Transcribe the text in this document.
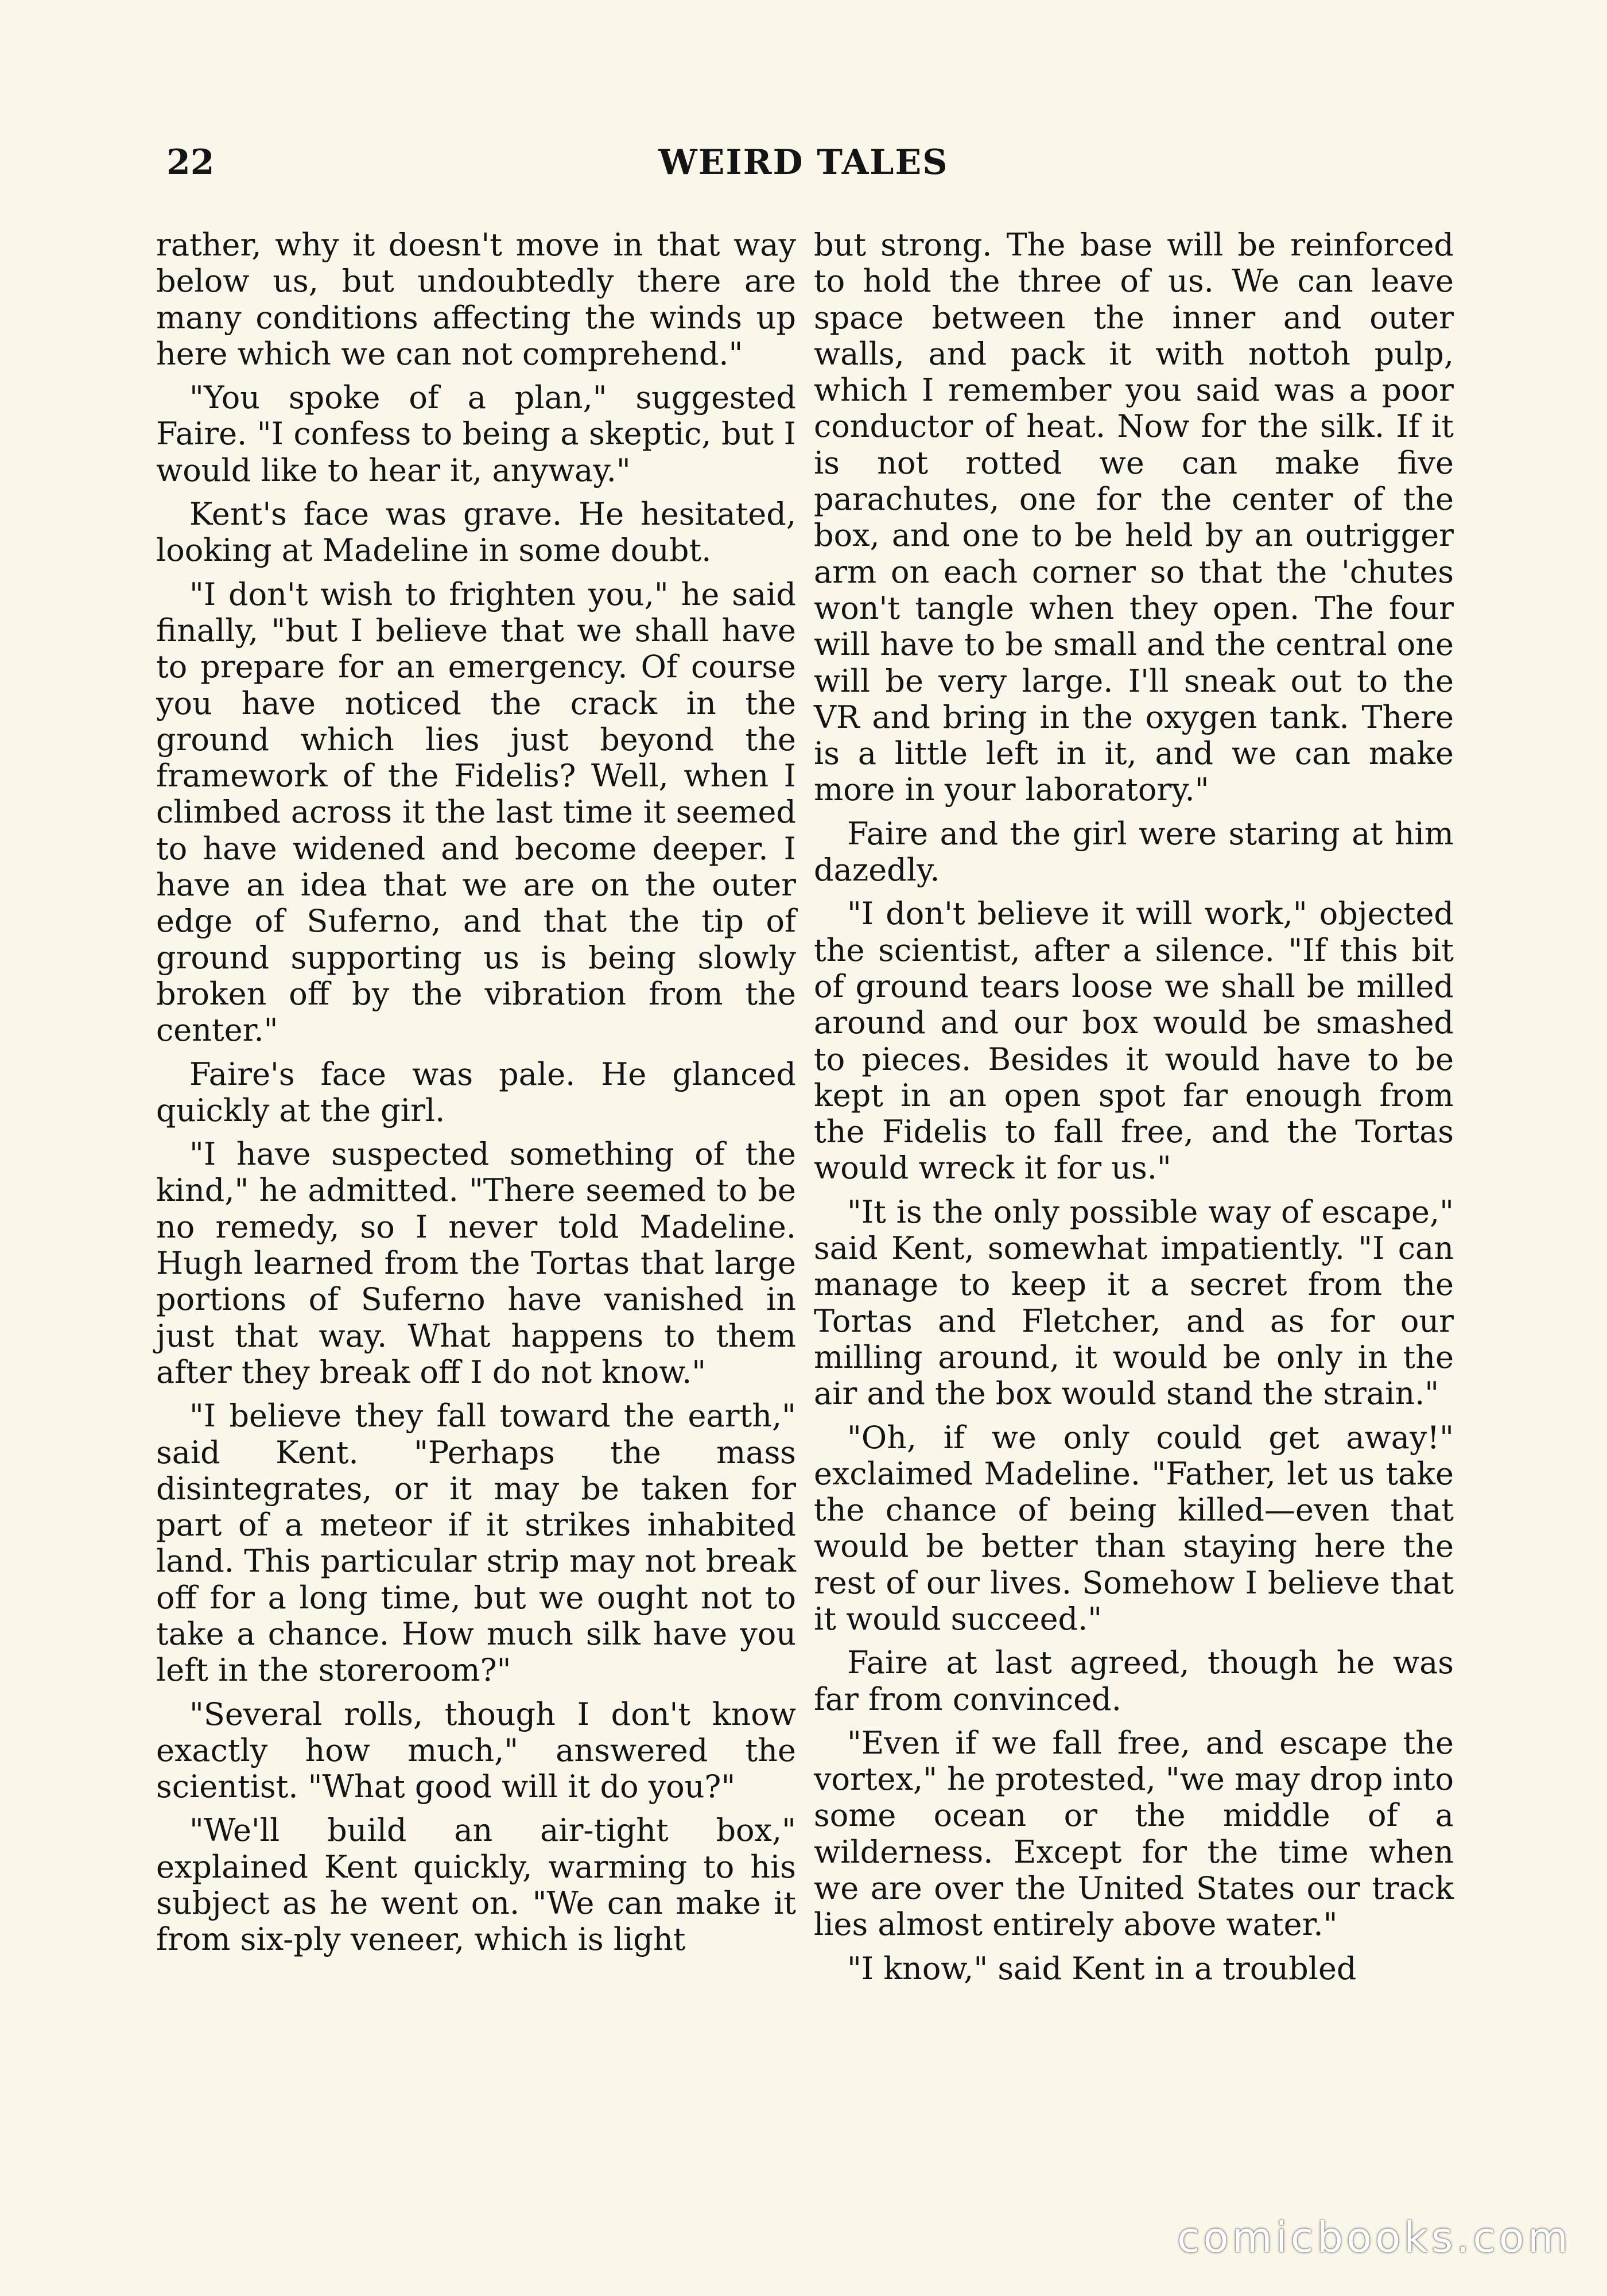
22	WEIRD TALES

rather, why it doesn't move in that way below us, but undoubtedly there are many conditions affecting the winds up here which we can not comprehend."

"You spoke of a plan," suggested Faire. "I confess to being a skeptic, but I would like to hear it, anyway."

Kent's face was grave. He hesitated, looking at Madeline in some doubt.

"I don't wish to frighten you," he said finally, "but I believe that we shall have to prepare for an emergency. Of course you have noticed the crack in the ground which lies just beyond the framework of the Fidelis? Well, when I climbed across it the last time it seemed to have widened and become deeper. I have an idea that we are on the outer edge of Suferno, and that the tip of ground supporting us is being slowly broken off by the vibration from the center."

Faire's face was pale. He glanced quickly at the girl.

"I have suspected something of the kind," he admitted. "There seemed to be no remedy, so I never told Madeline. Hugh learned from the Tortas that large portions of Suferno have vanished in just that way. What happens to them after they break off I do not know."

"I believe they fall toward the earth," said Kent. "Perhaps the mass disintegrates, or it may be taken for part of a meteor if it strikes inhabited land. This particular strip may not break off for a long time, but we ought not to take a chance. How much silk have you left in the storeroom?"

"Several rolls, though I don't know exactly how much," answered the scientist. "What good will it do you?"

"We'll build an air-tight box," explained Kent quickly, warming to his subject as he went on. "We can make it from six-ply veneer, which is light

but strong. The base will be reinforced to hold the three of us. We can leave space between the inner and outer walls, and pack it with nottoh pulp, which I remember you said was a poor conductor of heat. Now for the silk. If it is not rotted we can make five parachutes, one for the center of the box, and one to be held by an outrigger arm on each corner so that the 'chutes won't tangle when they open. The four will have to be small and the central one will be very large. I'll sneak out to the VR and bring in the oxygen tank. There is a little left in it, and we can make more in your laboratory."

Faire and the girl were staring at him dazedly.

"I don't believe it will work," objected the scientist, after a silence. "If this bit of ground tears loose we shall be milled around and our box would be smashed to pieces. Besides it would have to be kept in an open spot far enough from the Fidelis to fall free, and the Tortas would wreck it for us."

"It is the only possible way of escape," said Kent, somewhat impatiently. "I can manage to keep it a secret from the Tortas and Fletcher, and as for our milling around, it would be only in the air and the box would stand the strain."

"Oh, if we only could get away!" exclaimed Madeline. "Father, let us take the chance of being killed—even that would be better than staying here the rest of our lives. Somehow I believe that it would succeed."

Faire at last agreed, though he was far from convinced.

"Even if we fall free, and escape the vortex," he protested, "we may drop into some ocean or the middle of a wilderness. Except for the time when we are over the United States our track lies almost entirely above water."

"I know," said Kent in a troubled

comicbooks.com
